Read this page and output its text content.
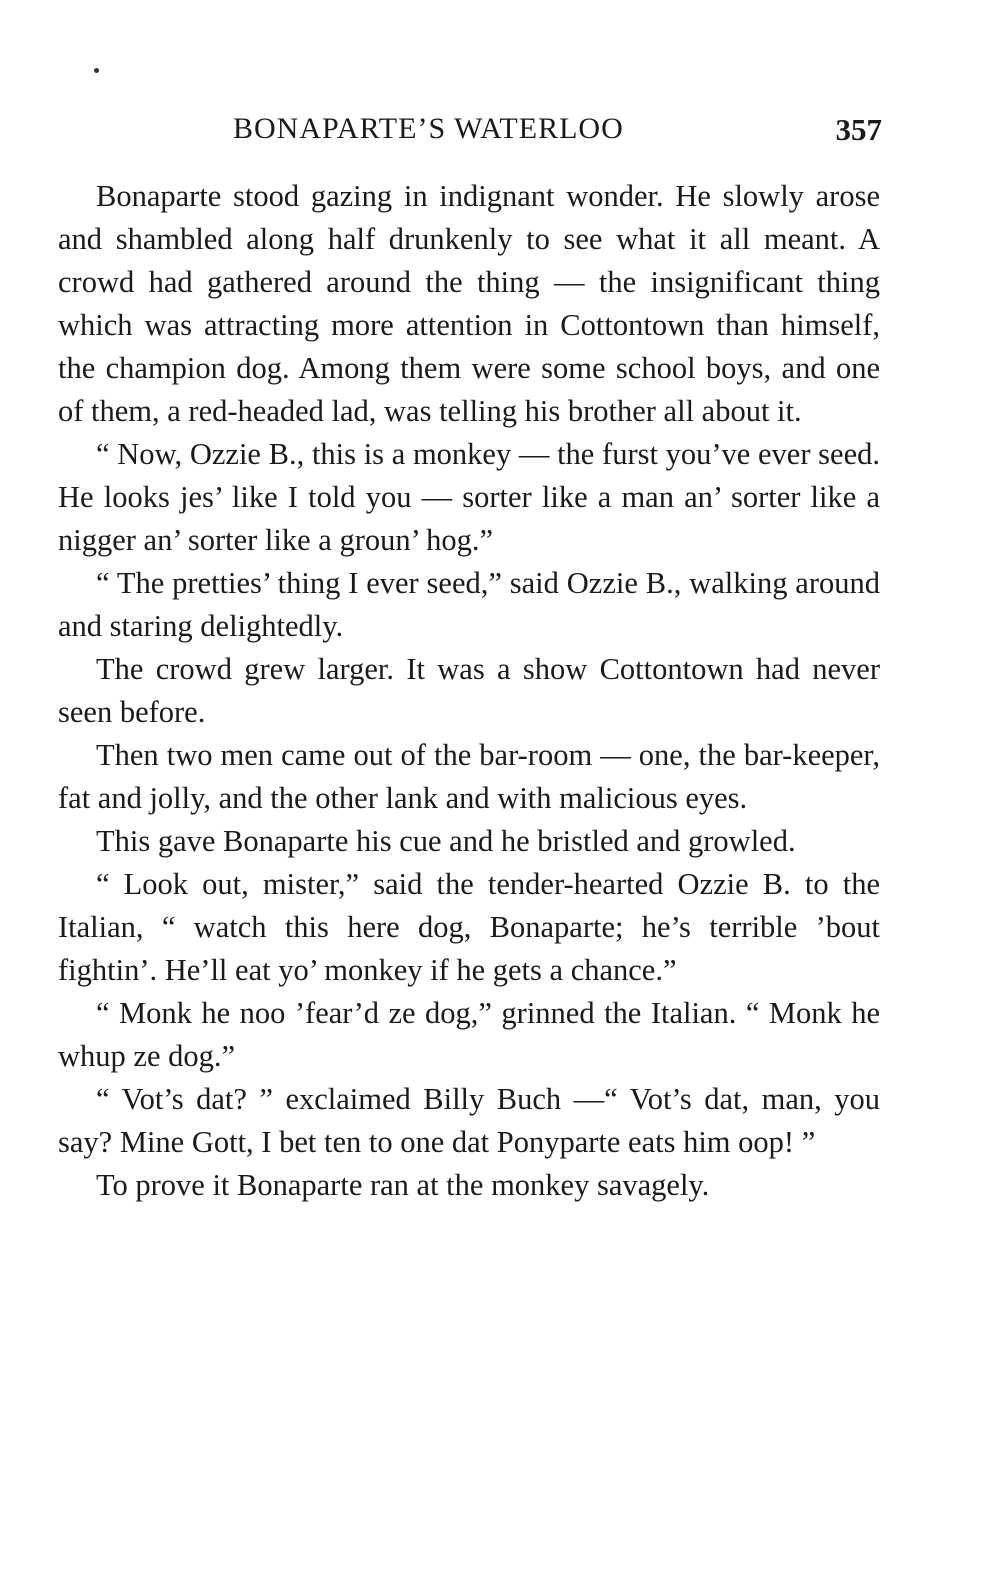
BONAPARTE’S WATERLOO	357

Bonaparte stood gazing in indignant wonder. He slowly arose and shambled along half drunkenly to see what it all meant. A crowd had gathered around the thing — the insignificant thing which was attracting more attention in Cottontown than himself, the champion dog. Among them were some school boys, and one of them, a red-headed lad, was telling his brother all about it.

“ Now, Ozzie B., this is a monkey — the furst you’ve ever seed. He looks jes’ like I told you — sorter like a man an’ sorter like a nigger an’ sorter like a groun’ hog.”

“ The pretties’ thing I ever seed,” said Ozzie B., walking around and staring delightedly.

The crowd grew larger. It was a show Cottontown had never seen before.

Then two men came out of the bar-room — one, the bar-keeper, fat and jolly, and the other lank and with malicious eyes.

This gave Bonaparte his cue and he bristled and growled.

“ Look out, mister,” said the tender-hearted Ozzie B. to the Italian, “ watch this here dog, Bonaparte; he’s terrible ’bout fightin’. He’ll eat yo’ monkey if he gets a chance.”

“ Monk he noo ’fear’d ze dog,” grinned the Italian. “ Monk he whup ze dog.”

“ Vot’s dat? ” exclaimed Billy Buch —“ Vot’s dat, man, you say? Mine Gott, I bet ten to one dat Ponyparte eats him oop! ”

To prove it Bonaparte ran at the monkey savagely.
